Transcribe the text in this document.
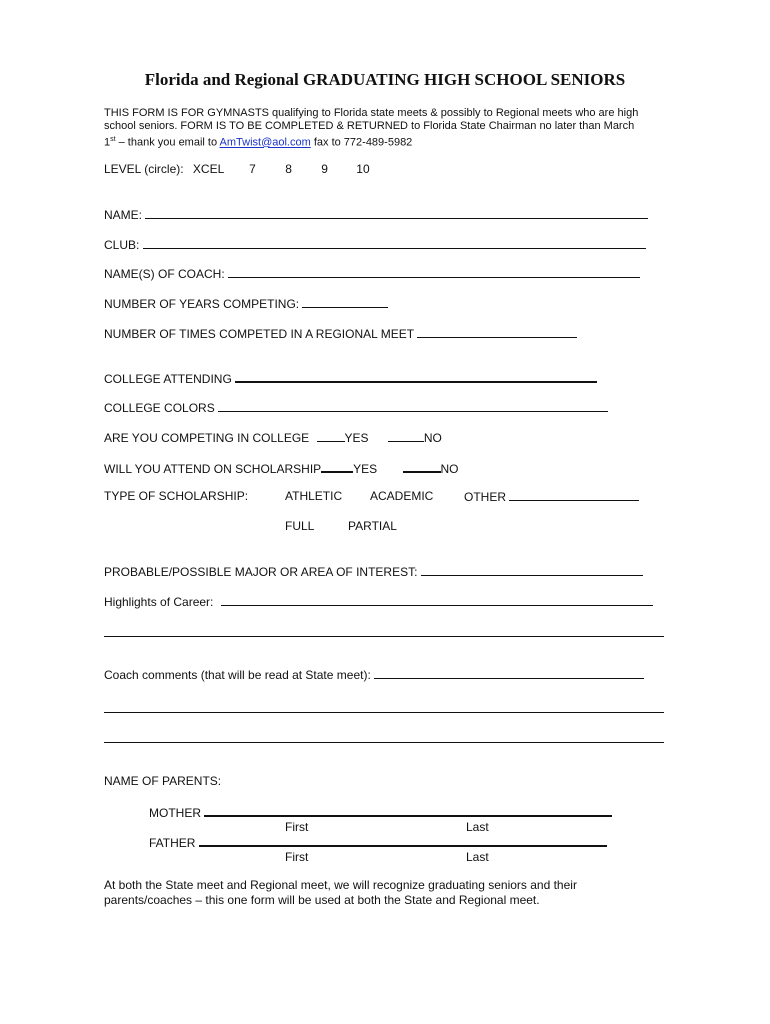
Florida and Regional GRADUATING HIGH SCHOOL SENIORS
THIS FORM IS FOR GYMNASTS qualifying to Florida state meets & possibly to Regional meets who are high
school seniors. FORM IS TO BE COMPLETED & RETURNED to Florida State Chairman no later than March
1st – thank you email to AmTwist@aol.com fax to 772-489-5982
LEVEL (circle): XCEL 7 8 9 10
NAME:
CLUB:
NAME(S) OF COACH:
NUMBER OF YEARS COMPETING:
NUMBER OF TIMES COMPETED IN A REGIONAL MEET
COLLEGE ATTENDING
COLLEGE COLORS
ARE YOU COMPETING IN COLLEGE	YES	NO
WILL YOU ATTEND ON SCHOLARSHIP	YES	NO
TYPE OF SCHOLARSHIP:	ATHLETIC ACADEMIC	OTHER
FULL	PARTIAL
PROBABLE/POSSIBLE MAJOR OR AREA OF INTEREST:
Highlights of Career:
Coach comments (that will be read at State meet):
NAME OF PARENTS:
MOTHER
First	Last
FATHER
First	Last
At both the State meet and Regional meet, we will recognize graduating seniors and their
parents/coaches – this one form will be used at both the State and Regional meet.
